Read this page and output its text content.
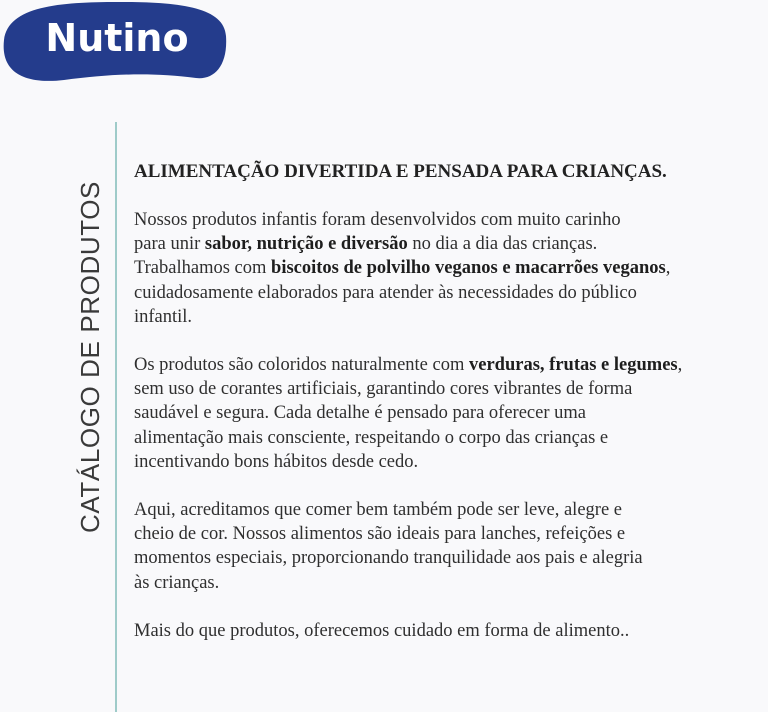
Nutino
CATÁLOGO DE PRODUTOS
ALIMENTAÇÃO DIVERTIDA E PENSADA PARA CRIANÇAS.

Nossos produtos infantis foram desenvolvidos com muito carinho
para unir sabor, nutrição e diversão no dia a dia das crianças.
Trabalhamos com biscoitos de polvilho veganos e macarrões veganos,
cuidadosamente elaborados para atender às necessidades do público
infantil.

Os produtos são coloridos naturalmente com verduras, frutas e legumes,
sem uso de corantes artificiais, garantindo cores vibrantes de forma
saudável e segura. Cada detalhe é pensado para oferecer uma
alimentação mais consciente, respeitando o corpo das crianças e
incentivando bons hábitos desde cedo.

Aqui, acreditamos que comer bem também pode ser leve, alegre e
cheio de cor. Nossos alimentos são ideais para lanches, refeições e
momentos especiais, proporcionando tranquilidade aos pais e alegria
às crianças.

Mais do que produtos, oferecemos cuidado em forma de alimento..
